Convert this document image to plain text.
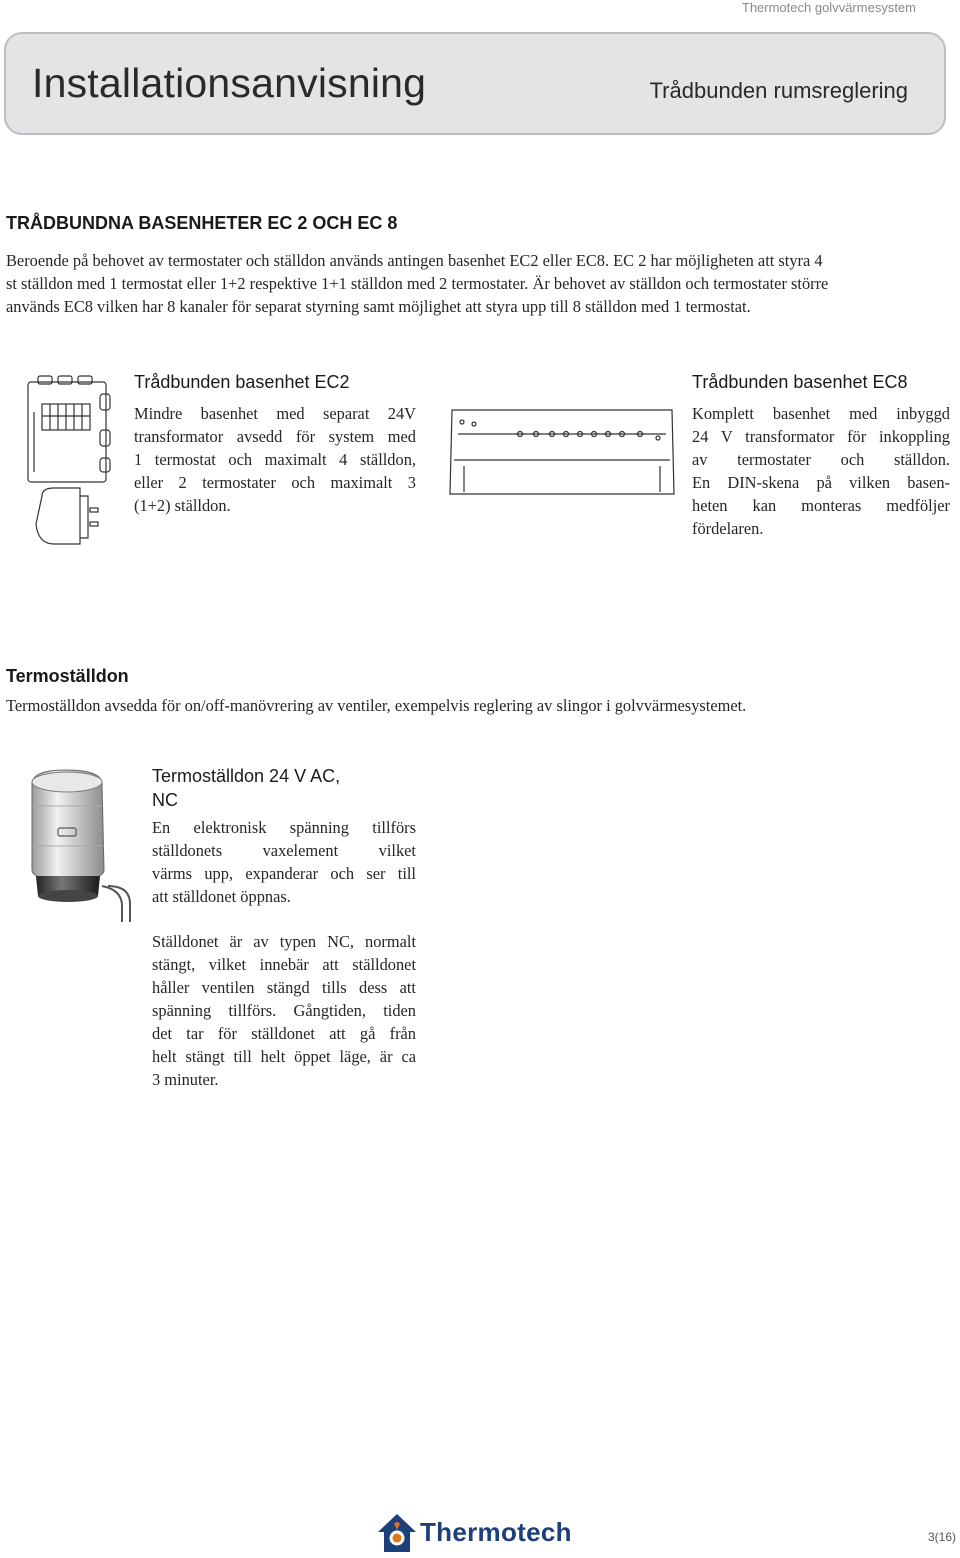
Thermotech golvvärmesystem
Installationsanvisning	Trådbunden rumsreglering
TRÅDBUNDNA BASENHETER EC 2 OCH EC 8
Beroende på behovet av termostater och ställdon används antingen basenhet EC2 eller EC8. EC 2 har möjligheten att styra 4
st ställdon med 1 termostat eller 1+2 respektive 1+1 ställdon med 2 termostater. Är behovet av ställdon och termostater större
används EC8 vilken har 8 kanaler för separat styrning samt möjlighet att styra upp till 8 ställdon med 1 termostat.
Trådbunden basenhet EC2
Mindre basenhet med separat 24V
transformator avsedd för system med
1 termostat och maximalt 4 ställdon,
eller 2 termostater och maximalt 3
(1+2) ställdon.
Trådbunden basenhet EC8
Komplett basenhet med inbyggd
24 V transformator för inkoppling
av termostater och ställdon.
En DIN-skena på vilken basen-
heten kan monteras medföljer
fördelaren.
Termoställdon
Termoställdon avsedda för on/off-manövrering av ventiler, exempelvis reglering av slingor i golvvärmesystemet.
Termoställdon 24 V AC,
NC
En elektronisk spänning tillförs
ställdonets vaxelement vilket
värms upp, expanderar och ser till
att ställdonet öppnas.
Ställdonet är av typen NC, normalt
stängt, vilket innebär att ställdonet
håller ventilen stängd tills dess att
spänning tillförs. Gångtiden, tiden
det tar för ställdonet att gå från
helt stängt till helt öppet läge, är ca
3 minuter.
Thermotech	3(16)
